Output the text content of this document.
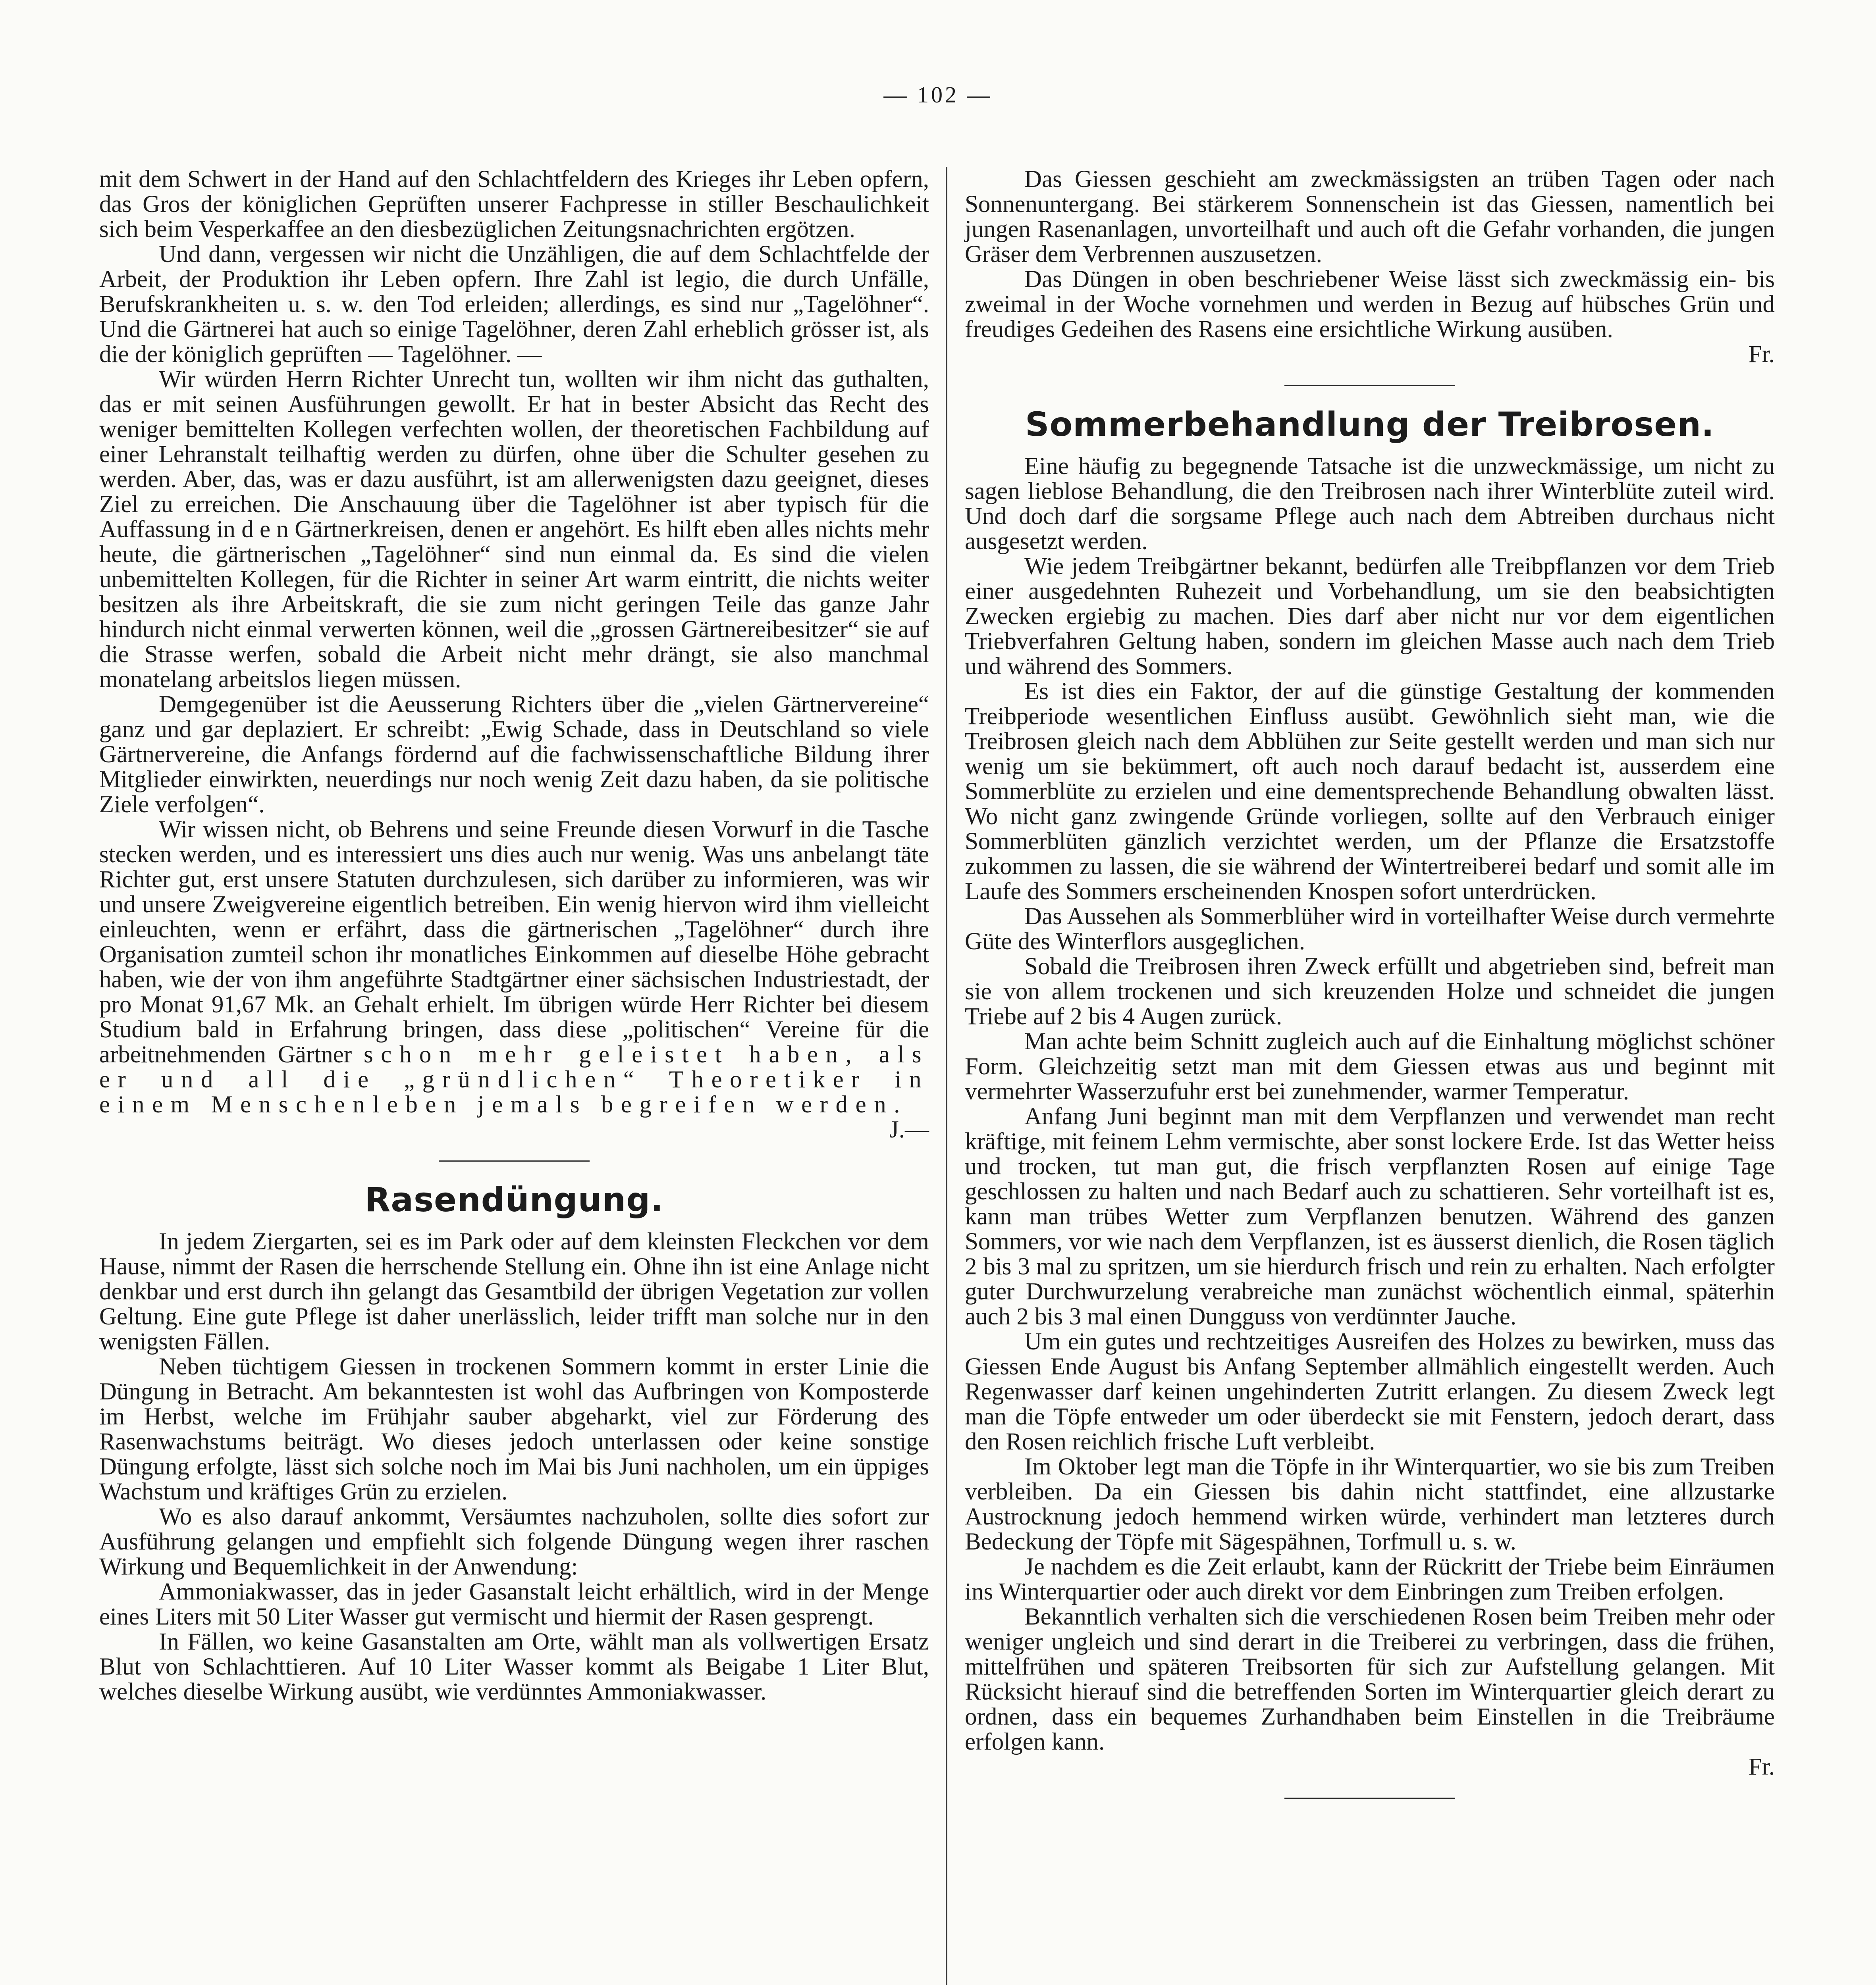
— 102 —

mit dem Schwert in der Hand auf den Schlachtfeldern des Krieges ihr Leben opfern, das Gros der königlichen Geprüften unserer Fachpresse in stiller Beschaulichkeit sich beim Vesperkaffee an den diesbezüglichen Zeitungsnachrichten ergötzen.

Und dann, vergessen wir nicht die Unzähligen, die auf dem Schlachtfelde der Arbeit, der Produktion ihr Leben opfern. Ihre Zahl ist legio, die durch Unfälle, Berufskrankheiten u. s. w. den Tod erleiden; allerdings, es sind nur „Tagelöhner“. Und die Gärtnerei hat auch so einige Tagelöhner, deren Zahl erheblich grösser ist, als die der königlich geprüften — Tagelöhner. —

Wir würden Herrn Richter Unrecht tun, wollten wir ihm nicht das guthalten, das er mit seinen Ausführungen gewollt. Er hat in bester Absicht das Recht des weniger bemittelten Kollegen verfechten wollen, der theoretischen Fachbildung auf einer Lehranstalt teilhaftig werden zu dürfen, ohne über die Schulter gesehen zu werden. Aber, das, was er dazu ausführt, ist am allerwenigsten dazu geeignet, dieses Ziel zu erreichen. Die Anschauung über die Tagelöhner ist aber typisch für die Auffassung in d e n Gärtnerkreisen, denen er angehört. Es hilft eben alles nichts mehr heute, die gärtnerischen „Tagelöhner“ sind nun einmal da. Es sind die vielen unbemittelten Kollegen, für die Richter in seiner Art warm eintritt, die nichts weiter besitzen als ihre Arbeitskraft, die sie zum nicht geringen Teile das ganze Jahr hindurch nicht einmal verwerten können, weil die „grossen Gärtnereibesitzer“ sie auf die Strasse werfen, sobald die Arbeit nicht mehr drängt, sie also manchmal monatelang arbeitslos liegen müssen.

Demgegenüber ist die Aeusserung Richters über die „vielen Gärtnervereine“ ganz und gar deplaziert. Er schreibt: „Ewig Schade, dass in Deutschland so viele Gärtnervereine, die Anfangs fördernd auf die fachwissenschaftliche Bildung ihrer Mitglieder einwirkten, neuerdings nur noch wenig Zeit dazu haben, da sie politische Ziele verfolgen“.

Wir wissen nicht, ob Behrens und seine Freunde diesen Vorwurf in die Tasche stecken werden, und es interessiert uns dies auch nur wenig. Was uns anbelangt täte Richter gut, erst unsere Statuten durchzulesen, sich darüber zu informieren, was wir und unsere Zweigvereine eigentlich betreiben. Ein wenig hiervon wird ihm vielleicht einleuchten, wenn er erfährt, dass die gärtnerischen „Tagelöhner“ durch ihre Organisation zumteil schon ihr monatliches Einkommen auf dieselbe Höhe gebracht haben, wie der von ihm angeführte Stadtgärtner einer sächsischen Industriestadt, der pro Monat 91,67 Mk. an Gehalt erhielt. Im übrigen würde Herr Richter bei diesem Studium bald in Erfahrung bringen, dass diese „politischen“ Vereine für die arbeitnehmenden Gärtner schon mehr geleistet haben, als er und all die „gründlichen“ Theoretiker in einem Menschenleben jemals begreifen werden.

J.—

Rasendüngung.

In jedem Ziergarten, sei es im Park oder auf dem kleinsten Fleckchen vor dem Hause, nimmt der Rasen die herrschende Stellung ein. Ohne ihn ist eine Anlage nicht denkbar und erst durch ihn gelangt das Gesamtbild der übrigen Vegetation zur vollen Geltung. Eine gute Pflege ist daher unerlässlich, leider trifft man solche nur in den wenigsten Fällen.

Neben tüchtigem Giessen in trockenen Sommern kommt in erster Linie die Düngung in Betracht. Am bekanntesten ist wohl das Aufbringen von Komposterde im Herbst, welche im Frühjahr sauber abgeharkt, viel zur Förderung des Rasenwachstums beiträgt. Wo dieses jedoch unterlassen oder keine sonstige Düngung erfolgte, lässt sich solche noch im Mai bis Juni nachholen, um ein üppiges Wachstum und kräftiges Grün zu erzielen.

Wo es also darauf ankommt, Versäumtes nachzuholen, sollte dies sofort zur Ausführung gelangen und empfiehlt sich folgende Düngung wegen ihrer raschen Wirkung und Bequemlichkeit in der Anwendung:

Ammoniakwasser, das in jeder Gasanstalt leicht erhältlich, wird in der Menge eines Liters mit 50 Liter Wasser gut vermischt und hiermit der Rasen gesprengt.

In Fällen, wo keine Gasanstalten am Orte, wählt man als vollwertigen Ersatz Blut von Schlachttieren. Auf 10 Liter Wasser kommt als Beigabe 1 Liter Blut, welches dieselbe Wirkung ausübt, wie verdünntes Ammoniakwasser.

Das Giessen geschieht am zweckmässigsten an trüben Tagen oder nach Sonnenuntergang. Bei stärkerem Sonnenschein ist das Giessen, namentlich bei jungen Rasenanlagen, unvorteilhaft und auch oft die Gefahr vorhanden, die jungen Gräser dem Verbrennen auszusetzen.

Das Düngen in oben beschriebener Weise lässt sich zweckmässig ein- bis zweimal in der Woche vornehmen und werden in Bezug auf hübsches Grün und freudiges Gedeihen des Rasens eine ersichtliche Wirkung ausüben.

Fr.

Sommerbehandlung der Treibrosen.

Eine häufig zu begegnende Tatsache ist die unzweckmässige, um nicht zu sagen lieblose Behandlung, die den Treibrosen nach ihrer Winterblüte zuteil wird. Und doch darf die sorgsame Pflege auch nach dem Abtreiben durchaus nicht ausgesetzt werden.

Wie jedem Treibgärtner bekannt, bedürfen alle Treibpflanzen vor dem Trieb einer ausgedehnten Ruhezeit und Vorbehandlung, um sie den beabsichtigten Zwecken ergiebig zu machen. Dies darf aber nicht nur vor dem eigentlichen Triebverfahren Geltung haben, sondern im gleichen Masse auch nach dem Trieb und während des Sommers.

Es ist dies ein Faktor, der auf die günstige Gestaltung der kommenden Treibperiode wesentlichen Einfluss ausübt. Gewöhnlich sieht man, wie die Treibrosen gleich nach dem Abblühen zur Seite gestellt werden und man sich nur wenig um sie bekümmert, oft auch noch darauf bedacht ist, ausserdem eine Sommerblüte zu erzielen und eine dementsprechende Behandlung obwalten lässt. Wo nicht ganz zwingende Gründe vorliegen, sollte auf den Verbrauch einiger Sommerblüten gänzlich verzichtet werden, um der Pflanze die Ersatzstoffe zukommen zu lassen, die sie während der Wintertreiberei bedarf und somit alle im Laufe des Sommers erscheinenden Knospen sofort unterdrücken.

Das Aussehen als Sommerblüher wird in vorteilhafter Weise durch vermehrte Güte des Winterflors ausgeglichen.

Sobald die Treibrosen ihren Zweck erfüllt und abgetrieben sind, befreit man sie von allem trockenen und sich kreuzenden Holze und schneidet die jungen Triebe auf 2 bis 4 Augen zurück.

Man achte beim Schnitt zugleich auch auf die Einhaltung möglichst schöner Form. Gleichzeitig setzt man mit dem Giessen etwas aus und beginnt mit vermehrter Wasserzufuhr erst bei zunehmender, warmer Temperatur.

Anfang Juni beginnt man mit dem Verpflanzen und verwendet man recht kräftige, mit feinem Lehm vermischte, aber sonst lockere Erde. Ist das Wetter heiss und trocken, tut man gut, die frisch verpflanzten Rosen auf einige Tage geschlossen zu halten und nach Bedarf auch zu schattieren. Sehr vorteilhaft ist es, kann man trübes Wetter zum Verpflanzen benutzen. Während des ganzen Sommers, vor wie nach dem Verpflanzen, ist es äusserst dienlich, die Rosen täglich 2 bis 3 mal zu spritzen, um sie hierdurch frisch und rein zu erhalten. Nach erfolgter guter Durchwurzelung verabreiche man zunächst wöchentlich einmal, späterhin auch 2 bis 3 mal einen Dungguss von verdünnter Jauche.

Um ein gutes und rechtzeitiges Ausreifen des Holzes zu bewirken, muss das Giessen Ende August bis Anfang September allmählich eingestellt werden. Auch Regenwasser darf keinen ungehinderten Zutritt erlangen. Zu diesem Zweck legt man die Töpfe entweder um oder überdeckt sie mit Fenstern, jedoch derart, dass den Rosen reichlich frische Luft verbleibt.

Im Oktober legt man die Töpfe in ihr Winterquartier, wo sie bis zum Treiben verbleiben. Da ein Giessen bis dahin nicht stattfindet, eine allzustarke Austrocknung jedoch hemmend wirken würde, verhindert man letzteres durch Bedeckung der Töpfe mit Sägespähnen, Torfmull u. s. w.

Je nachdem es die Zeit erlaubt, kann der Rückritt der Triebe beim Einräumen ins Winterquartier oder auch direkt vor dem Einbringen zum Treiben erfolgen.

Bekanntlich verhalten sich die verschiedenen Rosen beim Treiben mehr oder weniger ungleich und sind derart in die Treiberei zu verbringen, dass die frühen, mittelfrühen und späteren Treibsorten für sich zur Aufstellung gelangen. Mit Rücksicht hierauf sind die betreffenden Sorten im Winterquartier gleich derart zu ordnen, dass ein bequemes Zurhandhaben beim Einstellen in die Treibräume erfolgen kann.

Fr.
